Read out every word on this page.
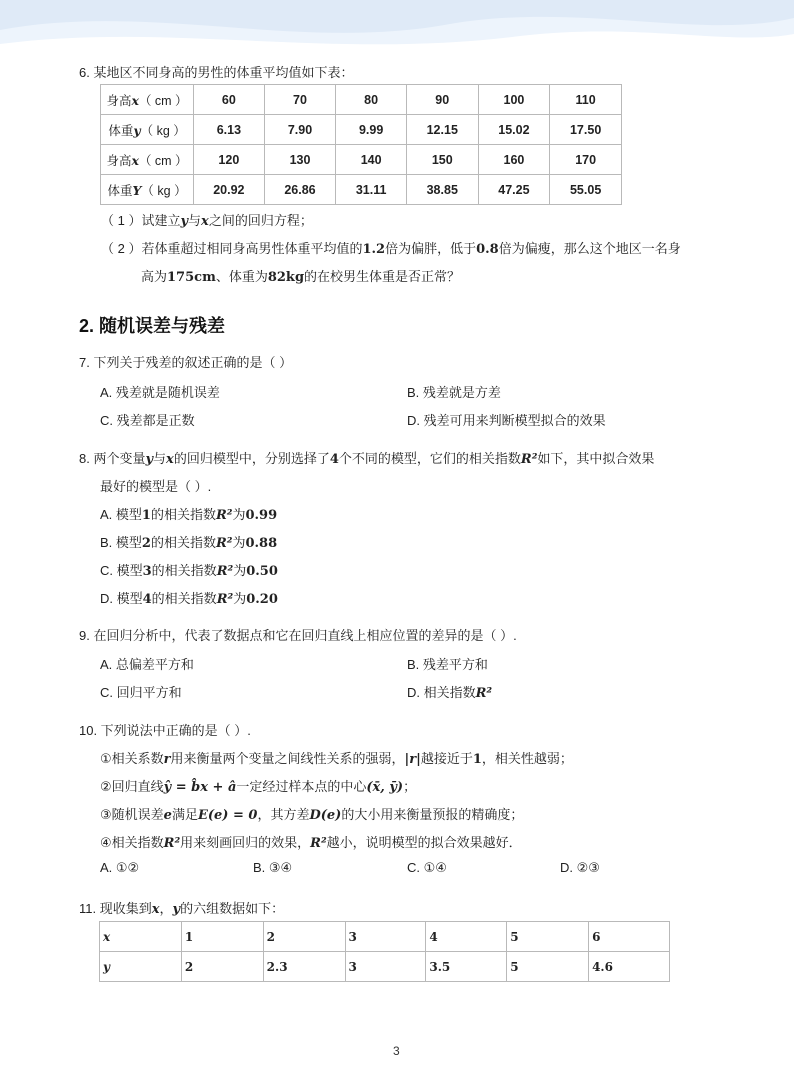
6. 某地区不同身高的男性的体重平均值如下表：
身高x（ cm ）	60	70	80	90	100	110
体重y（ kg ）	6.13	7.90	9.99	12.15	15.02	17.50
身高x（ cm ）	120	130	140	150	160	170
体重Y（ kg ）	20.92	26.86	31.11	38.85	47.25	55.05
（ 1 ）试建立y与x之间的回归方程；
（ 2 ）若体重超过相同身高男性体重平均值的1.2倍为偏胖，低于0.8倍为偏瘦，那么这个地区一名身
高为175cm、体重为82kg的在校男生体重是否正常？
2. 随机误差与残差
7. 下列关于残差的叙述正确的是（ ）
A. 残差就是随机误差	B. 残差就是方差
C. 残差都是正数	D. 残差可用来判断模型拟合的效果
8. 两个变量y与x的回归模型中，分别选择了4个不同的模型，它们的相关指数R²如下，其中拟合效果
最好的模型是（ ）.
A. 模型1的相关指数R²为0.99
B. 模型2的相关指数R²为0.88
C. 模型3的相关指数R²为0.50
D. 模型4的相关指数R²为0.20
9. 在回归分析中，代表了数据点和它在回归直线上相应位置的差异的是（ ）.
A. 总偏差平方和	B. 残差平方和
C. 回归平方和	D. 相关指数R²
10. 下列说法中正确的是（ ）.
①相关系数r用来衡量两个变量之间线性关系的强弱，|r|越接近于1，相关性越弱；
②回归直线ŷ = b̂x + â一定经过样本点的中心(x̄, ȳ)；
③随机误差e满足E(e) = 0，其方差D(e)的大小用来衡量预报的精确度；
④相关指数R²用来刻画回归的效果，R²越小，说明模型的拟合效果越好．
A. ①②	B. ③④	C. ①④	D. ②③
11. 现收集到x，y的六组数据如下：
x	1	2	3	4	5	6
y	2	2.3	3	3.5	5	4.6
3
